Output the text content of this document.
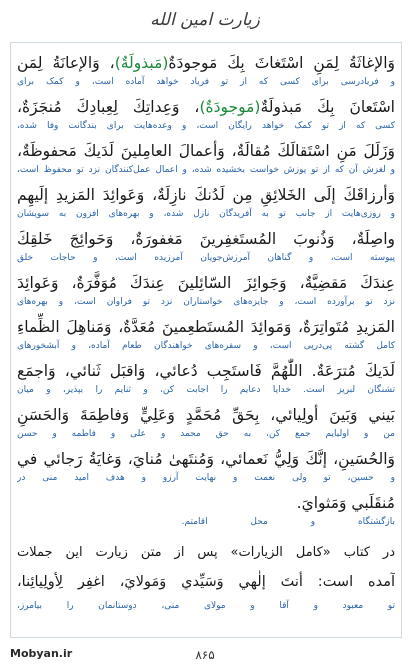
زیارت امین الله
وَالإغاثَةُ لِمَنِ اسْتَغاثَ بِكَ مَوجودَةٌ(مَبذولَةٌ)، وَالإعانَةُ لِمَن
و فریادرسی برای کسی که از تو فریاد خواهد آماده است، و کمک برای
اسْتَعانَ بِكَ مَبذولَةٌ(مَوجودَةٌ)، وَعِداتِكَ لِعِبادِكَ مُنجَزَةٌ،
کسی که از تو کمک خواهد رایگان است، و وعده‌هایت برای بندگانت وفا شده،
وَزَلَلَ مَنِ اسْتَقالَكَ مُقالَةٌ، وَأعمالَ العامِلينَ لَدَيكَ مَحفوظَةٌ،
و لغزش آن که از تو پوزش خواست بخشیده شده، و اعمال عمل‌کنندگان نزد تو محفوظ است،
وَأرزاقَكَ إلَى الخَلائِقِ مِن لَدُنكَ نازِلَةٌ، وَعَوائِدَ المَزيدِ إلَيهِم
و روزی‌هایت از جانب تو به آفریدگان نازل شده، و بهره‌های افزون به سویشان
واصِلَةٌ، وَذُنوبَ المُستَغفِرينَ مَغفورَةٌ، وَحَوائِجَ خَلقِكَ
پیوسته است، و گناهان آمرزش‌جویان آمرزیده است، و حاجات خلق
عِندَكَ مَقضِيَّةٌ، وَجَوائِزَ السّائِلينَ عِندَكَ مُوَفَّرَةٌ، وَعَوائِدَ
نزد تو برآورده است، و جایزه‌های خواستاران نزد تو فراوان است، و بهره‌های
المَزيدِ مُتَواتِرَةٌ، وَمَوائِدَ المُستَطعِمينَ مُعَدَّةٌ، وَمَناهِلَ الظِّماءِ
کامل گشته پی‌درپی است، و سفره‌های خواهندگان طعام آماده، و آبشخورهای
لَدَيكَ مُترَعَةٌ. اللّٰهُمَّ فَاستَجِب دُعائي، وَاقبَل ثَنائي، وَاجمَع
تشنگان لبریز است. خدایا دعایم را اجابت کن، و ثنایم را بپذیر، و میان
بَيني وَبَينَ أولِيائي، بِحَقِّ مُحَمَّدٍ وَعَلِيٍّ وَفاطِمَةَ وَالحَسَنِ
من و اولیایم جمع کن، به حق محمد و علی و فاطمه و حسن
وَالحُسَينِ، إنَّكَ وَلِيُّ نَعمائي، وَمُنتَهىٰ مُنايَ، وَغايَةُ رَجائي في
و حسین، تو ولی نعمت و نهایت آرزو و هدف امید منی در
مُنقَلَبي وَمَثوايَ.
بازگشتگاه و محل اقامتم.
در کتاب «کامل الزیارات» پس از متن زیارت این جملات
آمده است: أنتَ إلٰهي وَسَيِّدي وَمَولايَ، اغفِر لِأولِيائِنا،
تو معبود و آقا و مولای منی، دوستانمان را بیامرز،
Mobyan.ir	۸۶۵
